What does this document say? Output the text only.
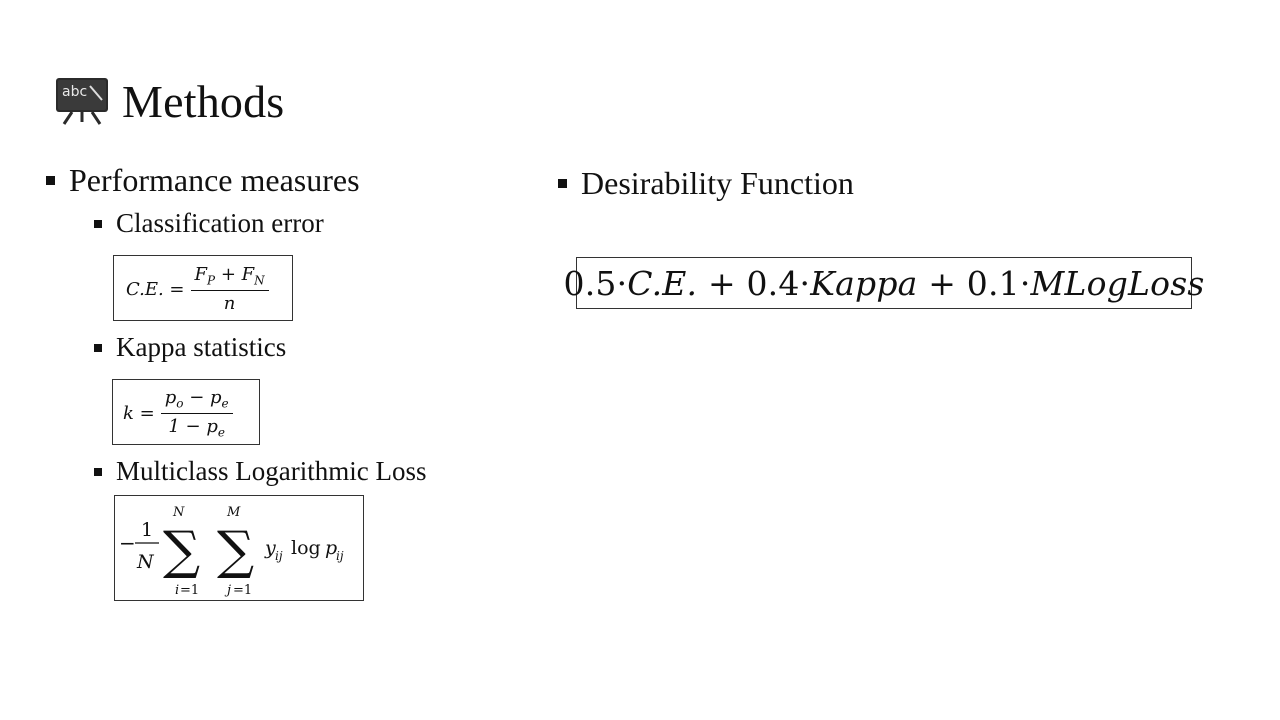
abc Methods
Performance measures
Classification error
C.E. = $\frac{F_P + F_N}{n}$
Kappa statistics
$k = \frac{p_o - p_e}{1 - p_e}$
Multiclass Logarithmic Loss
−
1
N
N
∑
i =1
M
∑
j =1
y ij log p
ij
Desirability Function
0.5· C.E. + 0.4· Kappa + 0.1· MLogLoss
